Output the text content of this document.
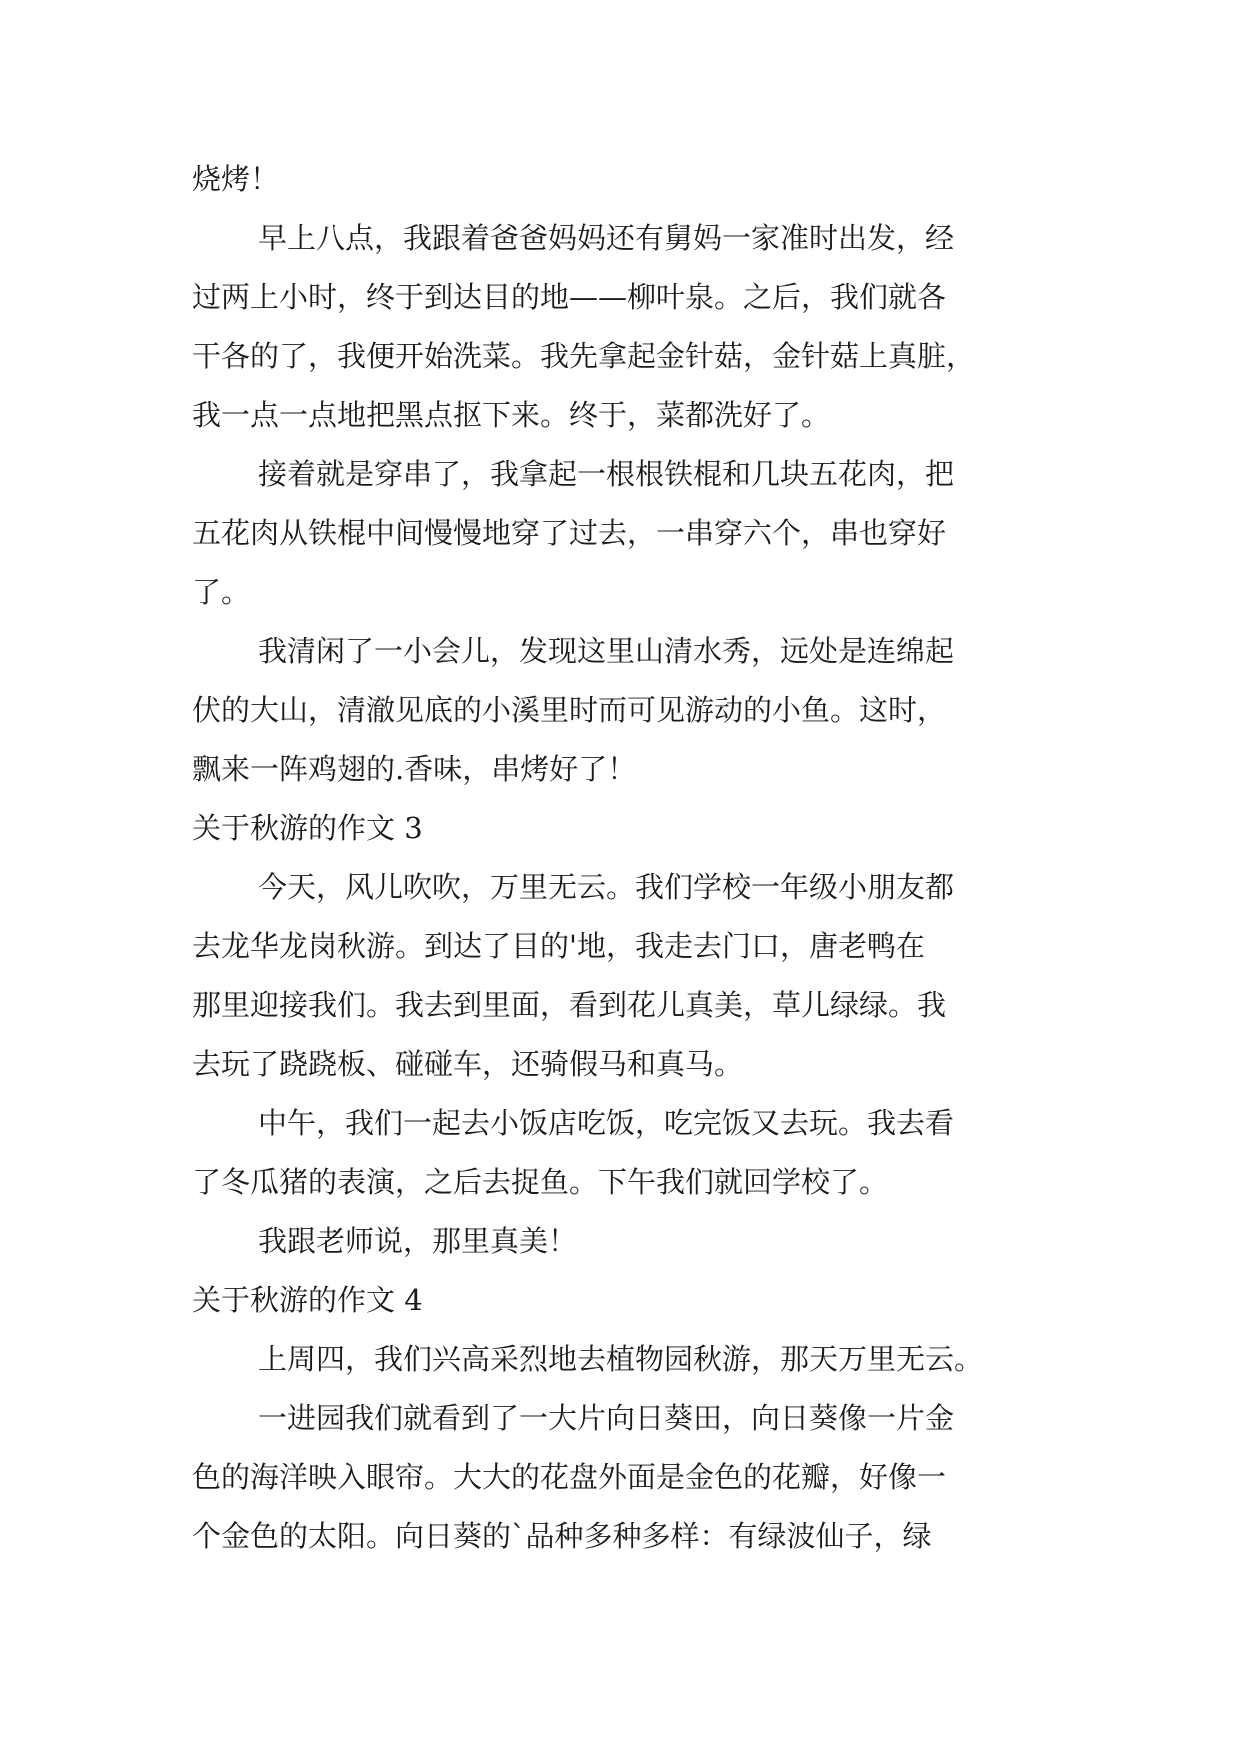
烧烤！
早上八点，我跟着爸爸妈妈还有舅妈一家准时出发，经
过两上小时，终于到达目的地——柳叶泉。之后，我们就各
干各的了，我便开始洗菜。我先拿起金针菇，金针菇上真脏，
我一点一点地把黑点抠下来。终于，菜都洗好了。
接着就是穿串了，我拿起一根根铁棍和几块五花肉，把
五花肉从铁棍中间慢慢地穿了过去，一串穿六个，串也穿好
了。
我清闲了一小会儿，发现这里山清水秀，远处是连绵起
伏的大山，清澈见底的小溪里时而可见游动的小鱼。这时，
飘来一阵鸡翅的.香味，串烤好了！
关于秋游的作文 3
今天，风儿吹吹，万里无云。我们学校一年级小朋友都
去龙华龙岗秋游。到达了目的'地，我走去门口，唐老鸭在
那里迎接我们。我去到里面，看到花儿真美，草儿绿绿。我
去玩了跷跷板、碰碰车，还骑假马和真马。
中午，我们一起去小饭店吃饭，吃完饭又去玩。我去看
了冬瓜猪的表演，之后去捉鱼。下午我们就回学校了。
我跟老师说，那里真美！
关于秋游的作文 4
上周四，我们兴高采烈地去植物园秋游，那天万里无云。
一进园我们就看到了一大片向日葵田，向日葵像一片金
色的海洋映入眼帘。大大的花盘外面是金色的花瓣，好像一
个金色的太阳。向日葵的`品种多种多样：有绿波仙子，绿
